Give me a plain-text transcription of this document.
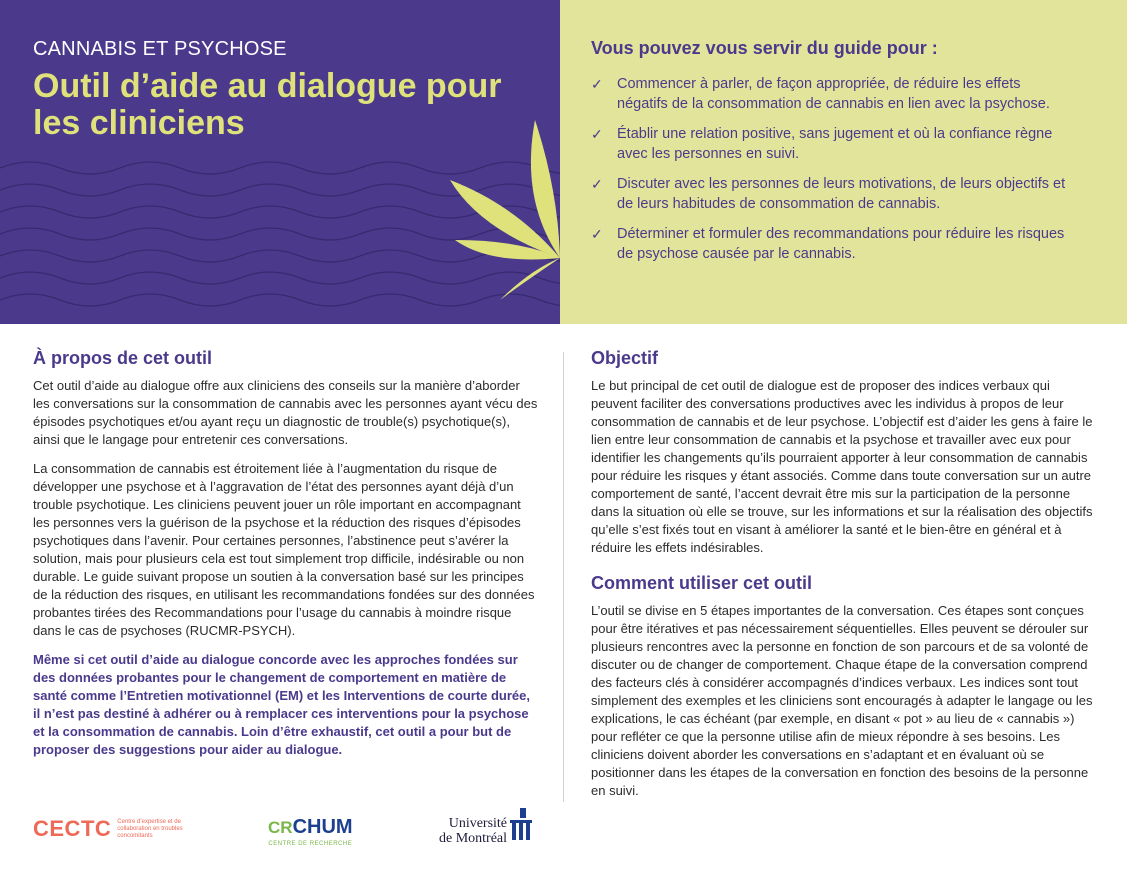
CANNABIS ET PSYCHOSE
Outil d’aide au dialogue pour les cliniciens
Vous pouvez vous servir du guide pour :
✓ Commencer à parler, de façon appropriée, de réduire les effets négatifs de la consommation de cannabis en lien avec la psychose.
✓ Établir une relation positive, sans jugement et où la confiance règne avec les personnes en suivi.
✓ Discuter avec les personnes de leurs motivations, de leurs objectifs et de leurs habitudes de consommation de cannabis.
✓ Déterminer et formuler des recommandations pour réduire les risques de psychose causée par le cannabis.
À propos de cet outil

Cet outil d’aide au dialogue offre aux cliniciens des conseils sur la manière d’aborder les conversations sur la consommation de cannabis avec les personnes ayant vécu des épisodes psychotiques et/ou ayant reçu un diagnostic de trouble(s) psychotique(s), ainsi que le langage pour entretenir ces conversations.

La consommation de cannabis est étroitement liée à l’augmentation du risque de développer une psychose et à l’aggravation de l’état des personnes ayant déjà d’un trouble psychotique. Les cliniciens peuvent jouer un rôle important en accompagnant les personnes vers la guérison de la psychose et la réduction des risques d’épisodes psychotiques dans l’avenir. Pour certaines personnes, l’abstinence peut s’avérer la solution, mais pour plusieurs cela est tout simplement trop difficile, indésirable ou non durable. Le guide suivant propose un soutien à la conversation basé sur les principes de la réduction des risques, en utilisant les recommandations fondées sur des données probantes tirées des Recommandations pour l’usage du cannabis à moindre risque dans le cas de psychoses (RUCMR-PSYCH).

Même si cet outil d’aide au dialogue concorde avec les approches fondées sur des données probantes pour le changement de comportement en matière de santé comme l’Entretien motivationnel (EM) et les Interventions de courte durée, il n’est pas destiné à adhérer ou à remplacer ces interventions pour la psychose et la consommation de cannabis. Loin d’être exhaustif, cet outil a pour but de proposer des suggestions pour aider au dialogue.

Objectif

Le but principal de cet outil de dialogue est de proposer des indices verbaux qui peuvent faciliter des conversations productives avec les individus à propos de leur consommation de cannabis et de leur psychose. L’objectif est d’aider les gens à faire le lien entre leur consommation de cannabis et la psychose et travailler avec eux pour identifier les changements qu’ils pourraient apporter à leur consommation de cannabis pour réduire les risques y étant associés. Comme dans toute conversation sur un autre comportement de santé, l’accent devrait être mis sur la participation de la personne dans la situation où elle se trouve, sur les informations et sur la réalisation des objectifs qu’elle s’est fixés tout en visant à améliorer la santé et le bien-être en général et à réduire les effets indésirables.

Comment utiliser cet outil

L’outil se divise en 5 étapes importantes de la conversation. Ces étapes sont conçues pour être itératives et pas nécessairement séquentielles. Elles peuvent se dérouler sur plusieurs rencontres avec la personne en fonction de son parcours et de sa volonté de discuter ou de changer de comportement. Chaque étape de la conversation comprend des facteurs clés à considérer accompagnés d’indices verbaux. Les indices sont tout simplement des exemples et les cliniciens sont encouragés à adapter le langage ou les explications, le cas échéant (par exemple, en disant « pot » au lieu de « cannabis ») pour refléter ce que la personne utilise afin de mieux répondre à ses besoins. Les cliniciens doivent aborder les conversations en s’adaptant et en évaluant où se positionner dans les étapes de la conversation en fonction des besoins de la personne en suivi.

CECTC Centre d’expertise et de collaboration en troubles concomitants	CRCHUM
CENTRE DE RECHERCHE
Université
de Montréal
